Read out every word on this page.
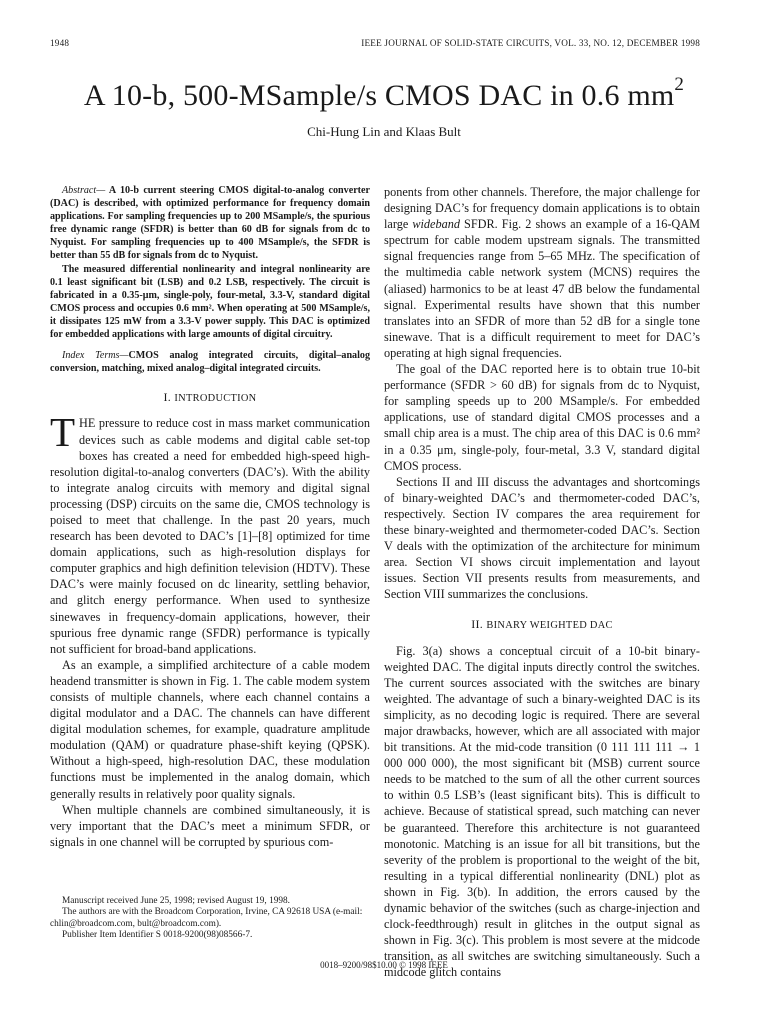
1948	IEEE JOURNAL OF SOLID-STATE CIRCUITS, VOL. 33, NO. 12, DECEMBER 1998
A 10-b, 500-MSample/s CMOS DAC in 0.6 $mm^2$
Chi-Hung Lin and Klaas Bult

Abstract— A 10-b current steering CMOS digital-to-analog converter (DAC) is described, with optimized performance for frequency domain applications. For sampling frequencies up to 200 MSample/s, the spurious free dynamic range (SFDR) is better than 60 dB for signals from dc to Nyquist. For sampling frequencies up to 400 MSample/s, the SFDR is better than 55 dB for signals from dc to Nyquist.

The measured differential nonlinearity and integral nonlinearity are 0.1 least significant bit (LSB) and 0.2 LSB, respectively. The circuit is fabricated in a 0.35-μm, single-poly, four-metal, 3.3-V, standard digital CMOS process and occupies 0.6 mm². When operating at 500 MSample/s, it dissipates 125 mW from a 3.3-V power supply. This DAC is optimized for embedded applications with large amounts of digital circuitry.

Index Terms—CMOS analog integrated circuits, digital–analog conversion, matching, mixed analog–digital integrated circuits.

I. INTRODUCTION

THE pressure to reduce cost in mass market communication devices such as cable modems and digital cable set-top boxes has created a need for embedded high-speed high-resolution digital-to-analog converters (DAC’s). With the ability to integrate analog circuits with memory and digital signal processing (DSP) circuits on the same die, CMOS technology is poised to meet that challenge. In the past 20 years, much research has been devoted to DAC’s [1]–[8] optimized for time domain applications, such as high-resolution displays for computer graphics and high definition television (HDTV). These DAC’s were mainly focused on dc linearity, settling behavior, and glitch energy performance. When used to synthesize sinewaves in frequency-domain applications, however, their spurious free dynamic range (SFDR) performance is typically not sufficient for broad-band applications.

As an example, a simplified architecture of a cable modem headend transmitter is shown in Fig. 1. The cable modem system consists of multiple channels, where each channel contains a digital modulator and a DAC. The channels can have different digital modulation schemes, for example, quadrature amplitude modulation (QAM) or quadrature phase-shift keying (QPSK). Without a high-speed, high-resolution DAC, these modulation functions must be implemented in the analog domain, which generally results in relatively poor quality signals.

When multiple channels are combined simultaneously, it is very important that the DAC’s meet a minimum SFDR, or signals in one channel will be corrupted by spurious com-

Manuscript received June 25, 1998; revised August 19, 1998.

The authors are with the Broadcom Corporation, Irvine, CA 92618 USA (e-mail: chlin@broadcom.com, bult@broadcom.com).

Publisher Item Identifier S 0018-9200(98)08566-7.

ponents from other channels. Therefore, the major challenge for designing DAC’s for frequency domain applications is to obtain large wideband SFDR. Fig. 2 shows an example of a 16-QAM spectrum for cable modem upstream signals. The transmitted signal frequencies range from 5–65 MHz. The specification of the multimedia cable network system (MCNS) requires the (aliased) harmonics to be at least 47 dB below the fundamental signal. Experimental results have shown that this number translates into an SFDR of more than 52 dB for a single tone sinewave. That is a difficult requirement to meet for DAC’s operating at high signal frequencies.

The goal of the DAC reported here is to obtain true 10-bit performance (SFDR > 60 dB) for signals from dc to Nyquist, for sampling speeds up to 200 MSample/s. For embedded applications, use of standard digital CMOS processes and a small chip area is a must. The chip area of this DAC is 0.6 mm² in a 0.35 μm, single-poly, four-metal, 3.3 V, standard digital CMOS process.

Sections II and III discuss the advantages and shortcomings of binary-weighted DAC’s and thermometer-coded DAC’s, respectively. Section IV compares the area requirement for these binary-weighted and thermometer-coded DAC’s. Section V deals with the optimization of the architecture for minimum area. Section VI shows circuit implementation and layout issues. Section VII presents results from measurements, and Section VIII summarizes the conclusions.

II. BINARY WEIGHTED DAC

Fig. 3(a) shows a conceptual circuit of a 10-bit binary-weighted DAC. The digital inputs directly control the switches. The current sources associated with the switches are binary weighted. The advantage of such a binary-weighted DAC is its simplicity, as no decoding logic is required. There are several major drawbacks, however, which are all associated with major bit transitions. At the mid-code transition (0 111 111 111 → 1 000 000 000), the most significant bit (MSB) current source needs to be matched to the sum of all the other current sources to within 0.5 LSB’s (least significant bits). This is difficult to achieve. Because of statistical spread, such matching can never be guaranteed. Therefore this architecture is not guaranteed monotonic. Matching is an issue for all bit transitions, but the severity of the problem is proportional to the weight of the bit, resulting in a typical differential nonlinearity (DNL) plot as shown in Fig. 3(b). In addition, the errors caused by the dynamic behavior of the switches (such as charge-injection and clock-feedthrough) result in glitches in the output signal as shown in Fig. 3(c). This problem is most severe at the midcode transition, as all switches are switching simultaneously. Such a midcode glitch contains

0018–9200/98$10.00 © 1998 IEEE
